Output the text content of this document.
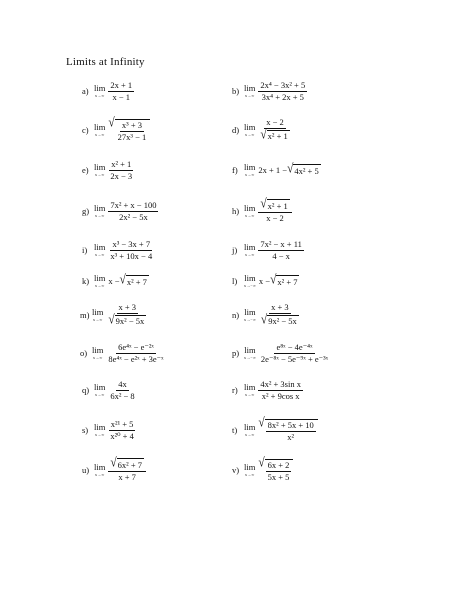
Limits at Infinity
a) lim
$x\to\infty \frac{2x + 1}{x - 1}$	b) lim
$x\to\infty \frac{\text{2x⁴ − 3x² + 5}}{\text{3x⁴ + 2x + 5}}$
c) lim
x→∞
√ $\frac{\text{x³ + 3}}{\text{27x³ − 1}}$	d) lim
$x\to\infty \frac{x - 2}{\text{√ x² + 1}}$
e) lim
$x\to\infty \frac{\text{x² + 1}}{2x - 3}$	f) lim
x→∞ 2x + 1 − √ 4x² + 5
g) lim
$x\to\infty \frac{\text{7x² + x − 100}}{\text{2x² − 5x}}$	h) lim
$x\to\infty \frac{\text{√ x² + 1}}{x - 2}$
i) lim
$x\to\infty \frac{\text{x³ − 3x + 7}}{\text{x³ + 10x − 4}}$	j) lim
$x\to\infty \frac{\text{7x² − x + 11}}{4 - x}$
k) lim
x→∞ x − √ x² + 7	l) lim
x→−∞ x − √ x² + 7
m) lim
$x\to\infty \frac{x + 3}{\text{√ 9x² − 5x}}$	n) lim
$x\to-\infty \frac{x + 3}{\text{√ 9x² − 5x}}$
o) lim
$x\to\infty \frac{\text{6e⁴ˣ − e⁻²ˣ}}{\text{8e⁴ˣ − e²ˣ + 3e⁻ˣ}}$	p) lim
$x\to-\infty \frac{\text{e⁸ˣ − 4e⁻⁴ˣ}}{\text{2e⁻⁸ˣ − 5e⁻⁹ˣ + e⁻³ˣ}}$
q) lim
$x\to\infty \frac{4x}{\text{6x² − 8}}$	r) lim
$x\to\infty \frac{\text{4x² + 3sin x}}{\text{x² + 9cos x}}$
s) lim
$x\to\infty \frac{\text{x²¹ + 5}}{\text{x²⁰ + 4}}$	t) lim
x→∞
√ $\frac{\text{8x² + 5x + 10}}{\text{x²}}$
u) lim
$x\to\infty \frac{\text{√ 6x² + 7}}{x + 7}$	v) lim
x→∞
√ $\frac{6x + 2}{5x + 5}$
